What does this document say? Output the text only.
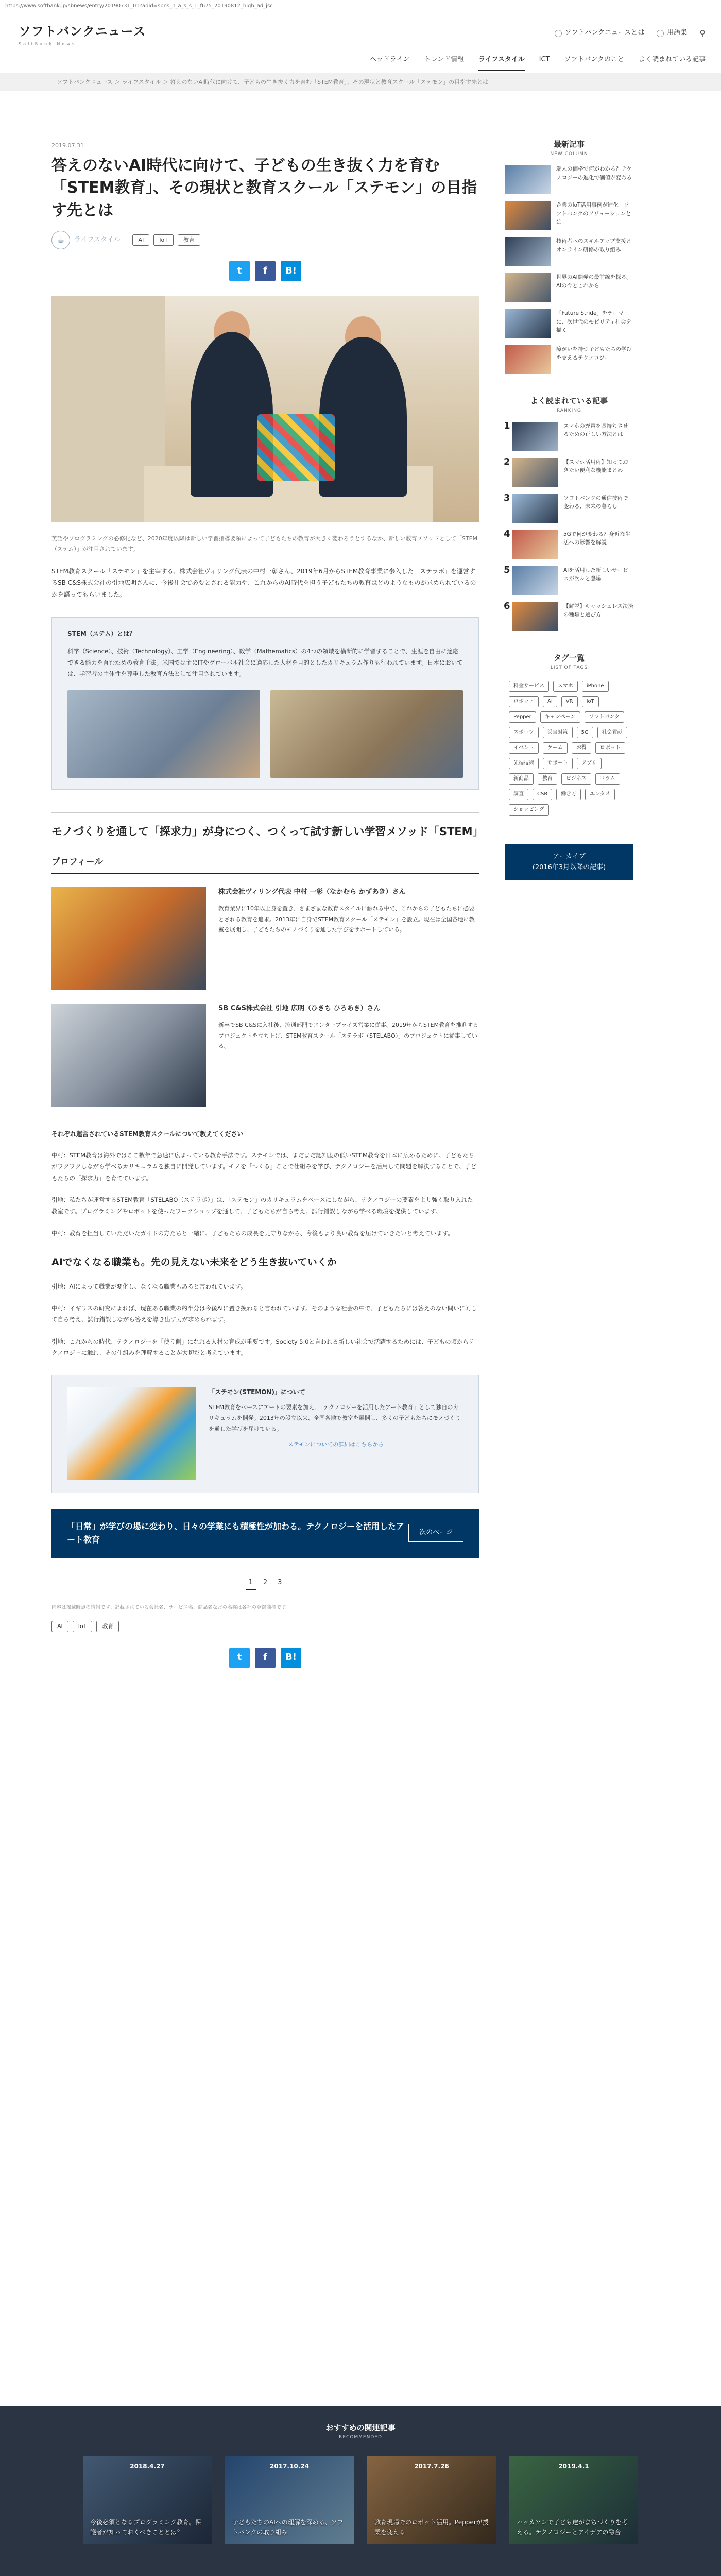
https://www.softbank.jp/sbnews/entry/20190731_01?adid=sbns_n_a_s_s_1_f675_20190812_high_ad_jsc
ソフトバンクニュース
SoftBank News
ソフトバンクニュースとは	用語集 ⚲
ヘッドライン トレンド情報 ライフスタイル ICT ソフトバンクのこと よく読まれている記事
ソフトバンクニュース ＞ ライフスタイル ＞ 答えのないAI時代に向けて、子どもの生き抜く力を育む「STEM教育」、その現状と教育スクール「ステモン」の目指す先とは
2019.07.31
答えのないAI時代に向けて、子どもの生き抜く力を育む「STEM教育」、その現状と教育スクール「ステモン」の目指す先とは
☕	ライフスタイル	AI	IoT	教育
t	f	B!

英語やプログラミングの必修化など、2020年度以降は新しい学習指導要領によって子どもたちの教育が大きく変わろうとするなか、新しい教育メソッドとして「STEM（ステム）」が注目されています。

STEM教育スクール「ステモン」を主宰する、株式会社ヴィリング代表の中村一彰さん、2019年6月からSTEM教育事業に参入した「ステラボ」を運営するSB C&S株式会社の引地広明さんに、今後社会で必要とされる能力や、これからのAI時代を担う子どもたちの教育はどのようなものが求められているのかを語ってもらいました。

STEM（ステム）とは？

科学（Science）、技術（Technology）、工学（Engineering）、数学（Mathematics）の4つの領域を横断的に学習することで、生涯を自由に適応できる能力を育むための教育手法。米国では主にITやグローバル社会に適応した人材を目的としたカリキュラム作りも行われています。日本においては、学習者の主体性を尊重した教育方法として注目されています。

モノづくりを通して「探求力」が身につく、つくって試す新しい学習メソッド「STEM」
プロフィール
株式会社ヴィリング代表 中村 一彰（なかむら かずあき）さん
教育業界に10年以上身を置き、さまざまな教育スタイルに触れる中で、これからの子どもたちに必要とされる教育を追求。2013年に自身でSTEM教育スクール「ステモン」を設立。現在は全国各地に教室を展開し、子どもたちのモノづくりを通した学びをサポートしている。
SB C&S株式会社 引地 広明（ひきち ひろあき）さん
新卒でSB C&Sに入社後、流通部門でエンタープライズ営業に従事。2019年からSTEM教育を推進するプロジェクトを立ち上げ、STEM教育スクール「ステラボ（STELABO）」のプロジェクトに従事している。
それぞれ運営されているSTEM教育スクールについて教えてください

中村：STEM教育は海外ではここ数年で急速に広まっている教育手法です。ステモンでは、まだまだ認知度の低いSTEM教育を日本に広めるために、子どもたちがワクワクしながら学べるカリキュラムを独自に開発しています。モノを「つくる」ことで仕組みを学び、テクノロジーを活用して問題を解決することで、子どもたちの「探求力」を育てています。

引地：私たちが運営するSTEM教育「STELABO（ステラボ）」は、「ステモン」のカリキュラムをベースにしながら、テクノロジーの要素をより強く取り入れた教室です。プログラミングやロボットを使ったワークショップを通して、子どもたちが自ら考え、試行錯誤しながら学べる環境を提供しています。

中村：教育を担当していただいたガイドの方たちと一緒に、子どもたちの成長を見守りながら、今後もより良い教育を届けていきたいと考えています。

AIでなくなる職業も。先の見えない未来をどう生き抜いていくか

引地：AIによって職業が変化し、なくなる職業もあると言われています。

中村：イギリスの研究によれば、現在ある職業の約半分は今後AIに置き換わると言われています。そのような社会の中で、子どもたちには答えのない問いに対して自ら考え、試行錯誤しながら答えを導き出す力が求められます。

引地：これからの時代、テクノロジーを「使う側」になれる人材の育成が重要です。Society 5.0と言われる新しい社会で活躍するためには、子どもの頃からテクノロジーに触れ、その仕組みを理解することが大切だと考えています。

「ステモン(STEMON)」について
STEM教育をベースにアートの要素を加え、「テクノロジーを活用したアート教育」として独自のカリキュラムを開発。2013年の設立以来、全国各地で教室を展開し、多くの子どもたちにモノづくりを通した学びを届けている。
ステモンについての詳細はこちらから
「日常」が学びの場に変わり、日々の学業にも積極性が加わる。テクノロジーを活用したアート教育
次のページ
1	2	3
内容は掲載時点の情報です。記載されている会社名、サービス名、商品名などの名称は各社の登録商標です。
AI	IoT	教育
t	f	B!
最新記事
NEW COLUMN
端末の価格で何がわかる？テクノロジーの進化で価値が変わる
企業のIoT活用事例が進化！ソフトバンクのソリューションとは
技術者へのスキルアップ支援とオンライン研修の取り組み
世界のAI開発の最前線を探る。AIの今とこれから
「Future Stride」をテーマに、次世代のモビリティ社会を描く
障がいを持つ子どもたちの学びを支えるテクノロジー
よく読まれている記事
RANKING
1	スマホの充電を長持ちさせるための正しい方法とは
2	【スマホ活用術】知っておきたい便利な機能まとめ
3	ソフトバンクの通信技術で変わる、未来の暮らし
4	5Gで何が変わる？身近な生活への影響を解説
5	AIを活用した新しいサービスが次々と登場
6	【解説】キャッシュレス決済の種類と選び方
タグ一覧
LIST OF TAGS
料金サービス	スマホ	iPhone
ロボット	AI	VR	IoT
Pepper	キャンペーン	ソフトバンク
スポーツ	災害対策	5G	社会貢献
イベント	ゲーム	お得	ロボット
先端技術	サポート	アプリ
新商品	教育	ビジネス	コラム
調査	CSR	働き方	エンタメ
ショッピング
アーカイブ
(2016年3月以降の記事)
おすすめの関連記事
RECOMMENDED
2018.4.27
今後必須となるプログラミング教育。保護者が知っておくべきこととは？
2017.10.24
子どもたちのAIへの理解を深める、ソフトバンクの取り組み
2017.7.26
教育現場でのロボット活用。Pepperが授業を変える
2019.4.1
ハッカソンで子ども達がまちづくりを考える。テクノロジーとアイデアの融合
